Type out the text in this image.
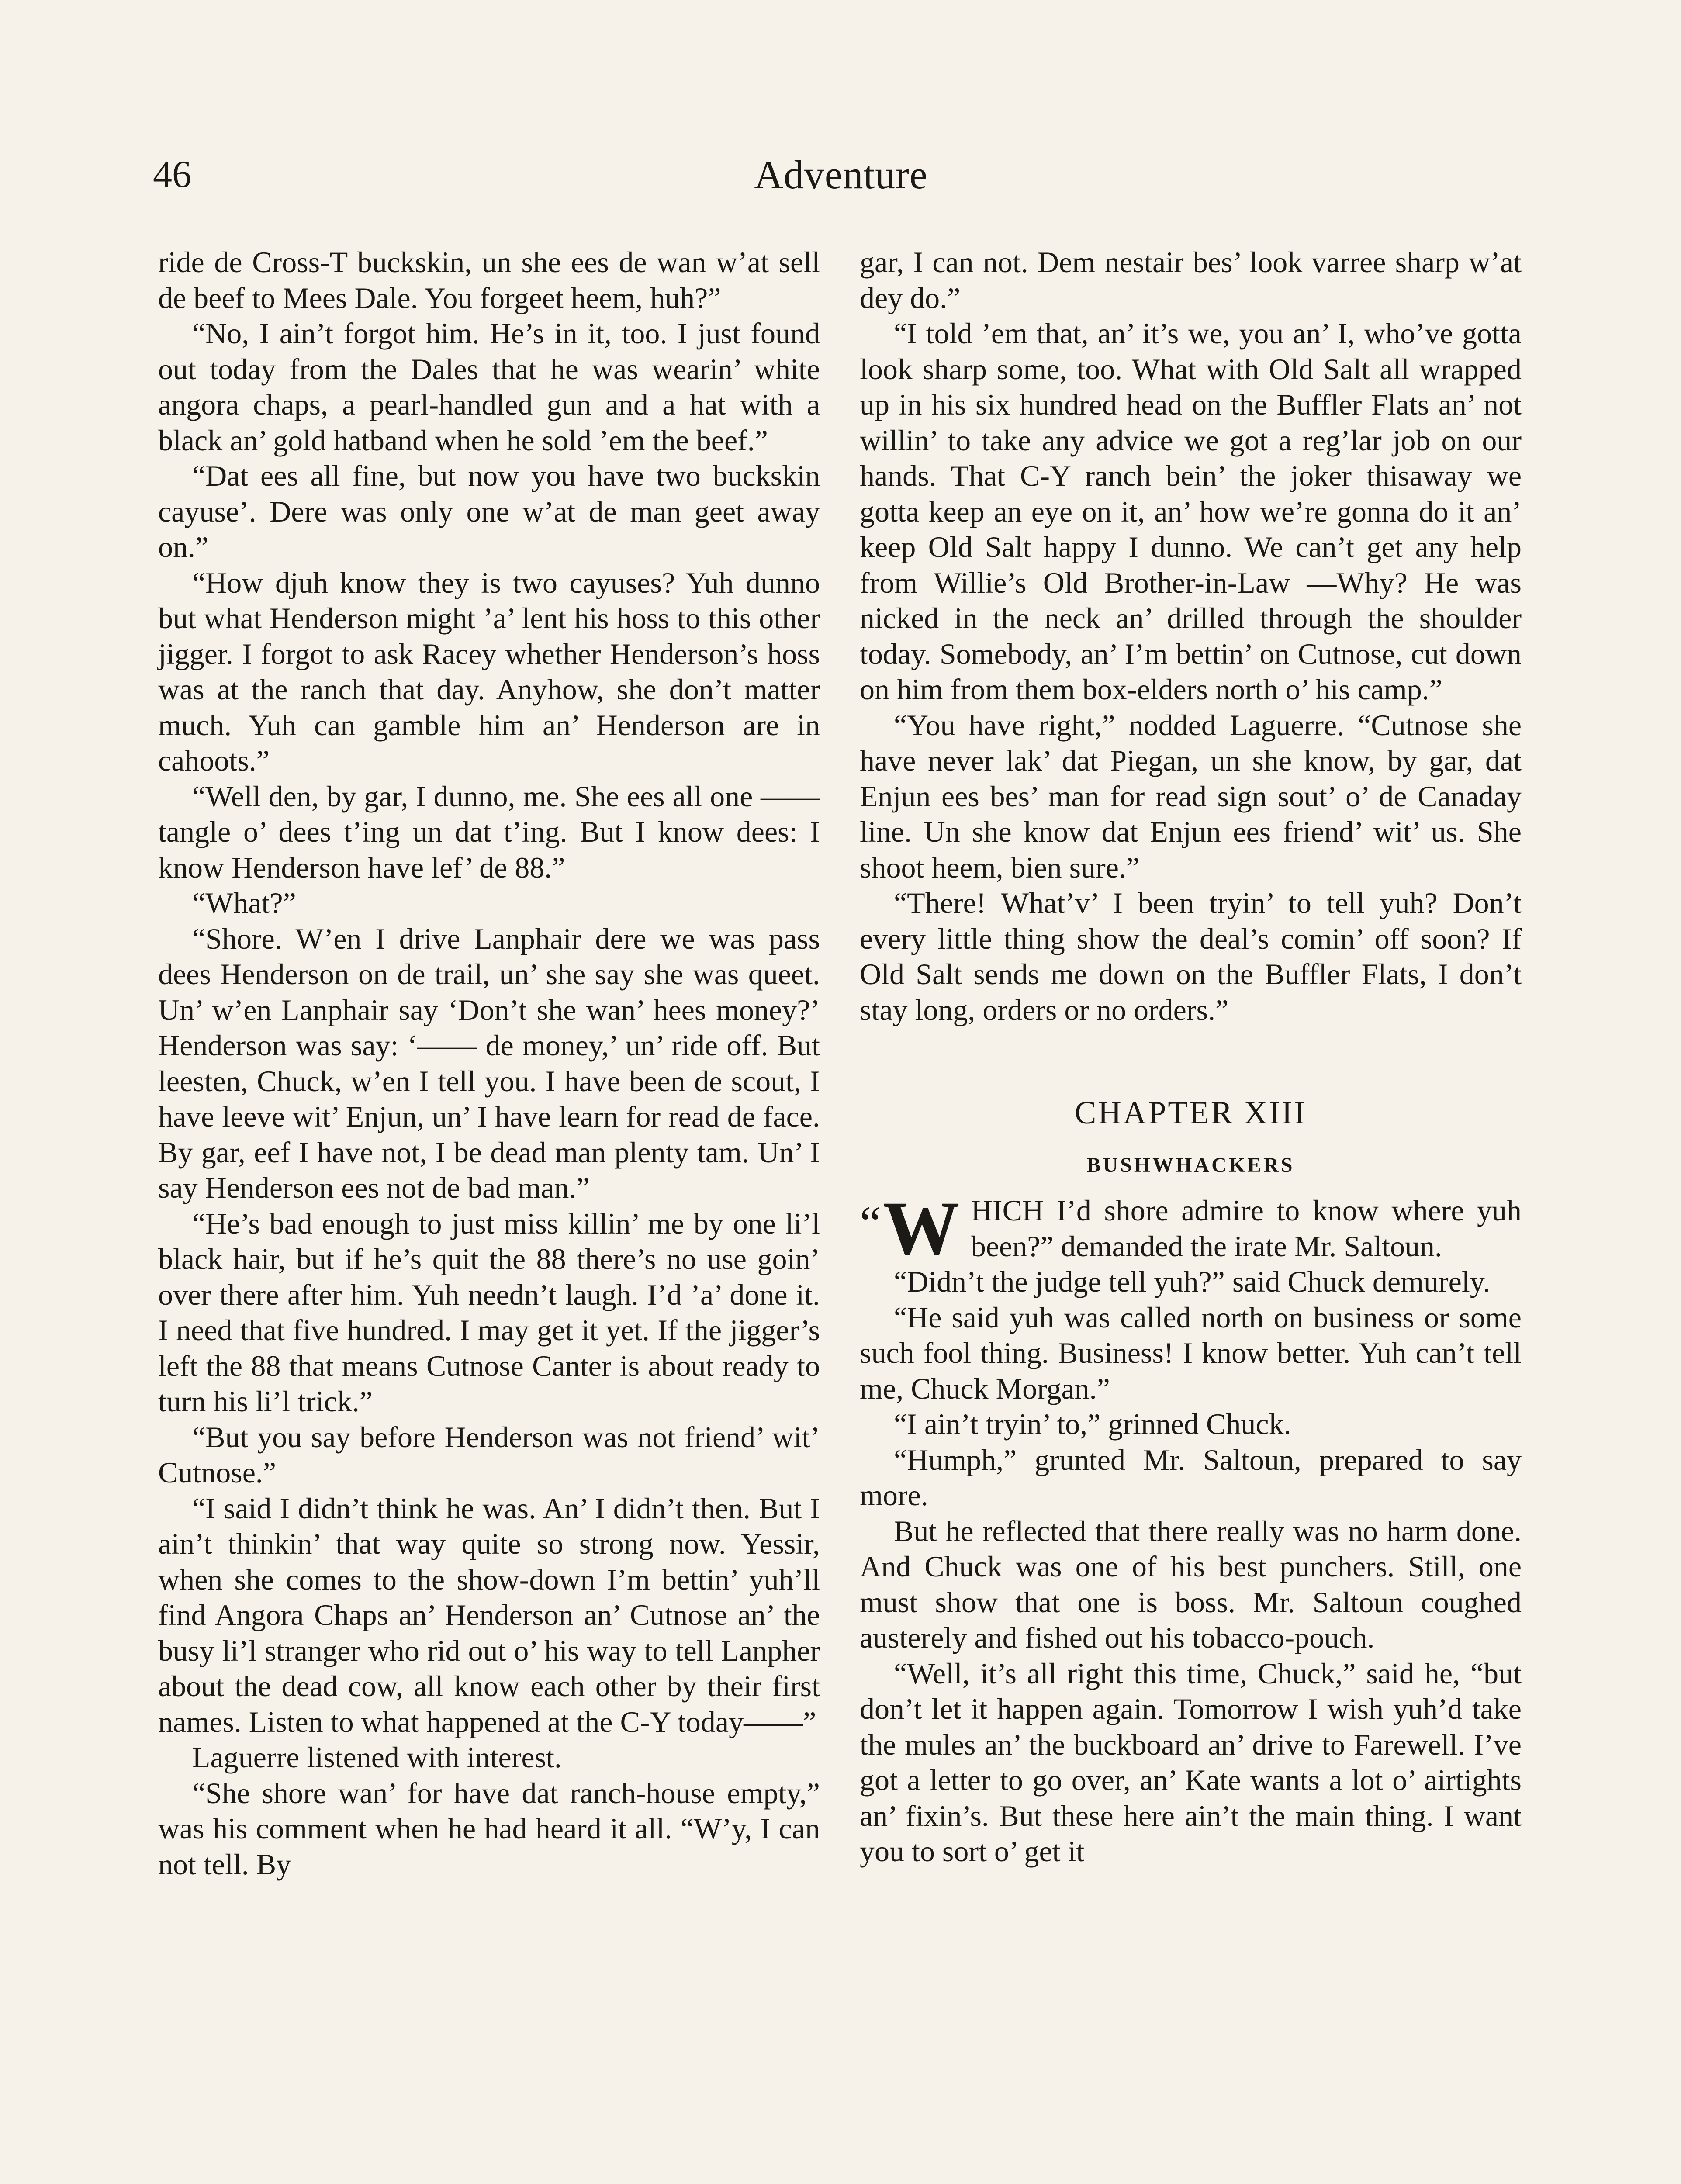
46	Adventure

ride de Cross-T buckskin, un she ees de wan w’at sell de beef to Mees Dale. You forgeet heem, huh?”

“No, I ain’t forgot him. He’s in it, too. I just found out today from the Dales that he was wearin’ white angora chaps, a pearl-handled gun and a hat with a black an’ gold hatband when he sold ’em the beef.”

“Dat ees all fine, but now you have two buckskin cayuse’. Dere was only one w’at de man geet away on.”

“How djuh know they is two cayuses? Yuh dunno but what Henderson might ’a’ lent his hoss to this other jigger. I forgot to ask Racey whether Henderson’s hoss was at the ranch that day. Anyhow, she don’t matter much. Yuh can gamble him an’ Henderson are in cahoots.”

“Well den, by gar, I dunno, me. She ees all one —— tangle o’ dees t’ing un dat t’ing. But I know dees: I know Henderson have lef’ de 88.”

“What?”

“Shore. W’en I drive Lanphair dere we was pass dees Henderson on de trail, un’ she say she was queet. Un’ w’en Lanphair say ‘Don’t she wan’ hees money?’ Henderson was say: ‘—— de money,’ un’ ride off. But leesten, Chuck, w’en I tell you. I have been de scout, I have leeve wit’ Enjun, un’ I have learn for read de face. By gar, eef I have not, I be dead man plenty tam. Un’ I say Henderson ees not de bad man.”

“He’s bad enough to just miss killin’ me by one li’l black hair, but if he’s quit the 88 there’s no use goin’ over there after him. Yuh needn’t laugh. I’d ’a’ done it. I need that five hundred. I may get it yet. If the jigger’s left the 88 that means Cutnose Canter is about ready to turn his li’l trick.”

“But you say before Henderson was not friend’ wit’ Cutnose.”

“I said I didn’t think he was. An’ I didn’t then. But I ain’t thinkin’ that way quite so strong now. Yessir, when she comes to the show-down I’m bettin’ yuh’ll find Angora Chaps an’ Henderson an’ Cutnose an’ the busy li’l stranger who rid out o’ his way to tell Lanpher about the dead cow, all know each other by their first names. Listen to what happened at the C-Y today——”

Laguerre listened with interest.

“She shore wan’ for have dat ranch-house empty,” was his comment when he had heard it all. “W’y, I can not tell. By

gar, I can not. Dem nestair bes’ look varree sharp w’at dey do.”

“I told ’em that, an’ it’s we, you an’ I, who’ve gotta look sharp some, too. What with Old Salt all wrapped up in his six hundred head on the Buffler Flats an’ not willin’ to take any advice we got a reg’lar job on our hands. That C-Y ranch bein’ the joker thisaway we gotta keep an eye on it, an’ how we’re gonna do it an’ keep Old Salt happy I dunno. We can’t get any help from Willie’s Old Brother-in-Law —Why? He was nicked in the neck an’ drilled through the shoulder today. Somebody, an’ I’m bettin’ on Cutnose, cut down on him from them box-elders north o’ his camp.”

“You have right,” nodded Laguerre. “Cutnose she have never lak’ dat Piegan, un she know, by gar, dat Enjun ees bes’ man for read sign sout’ o’ de Canaday line. Un she know dat Enjun ees friend’ wit’ us. She shoot heem, bien sure.”

“There! What’v’ I been tryin’ to tell yuh? Don’t every little thing show the deal’s comin’ off soon? If Old Salt sends me down on the Buffler Flats, I don’t stay long, orders or no orders.”

CHAPTER XIII
BUSHWHACKERS

“ W HICH I’d shore admire to know where yuh been?” demanded the irate Mr. Saltoun.

“Didn’t the judge tell yuh?” said Chuck demurely.

“He said yuh was called north on business or some such fool thing. Business! I know better. Yuh can’t tell me, Chuck Morgan.”

“I ain’t tryin’ to,” grinned Chuck.

“Humph,” grunted Mr. Saltoun, prepared to say more.

But he reflected that there really was no harm done. And Chuck was one of his best punchers. Still, one must show that one is boss. Mr. Saltoun coughed austerely and fished out his tobacco-pouch.

“Well, it’s all right this time, Chuck,” said he, “but don’t let it happen again. Tomorrow I wish yuh’d take the mules an’ the buckboard an’ drive to Farewell. I’ve got a letter to go over, an’ Kate wants a lot o’ airtights an’ fixin’s. But these here ain’t the main thing. I want you to sort o’ get it
